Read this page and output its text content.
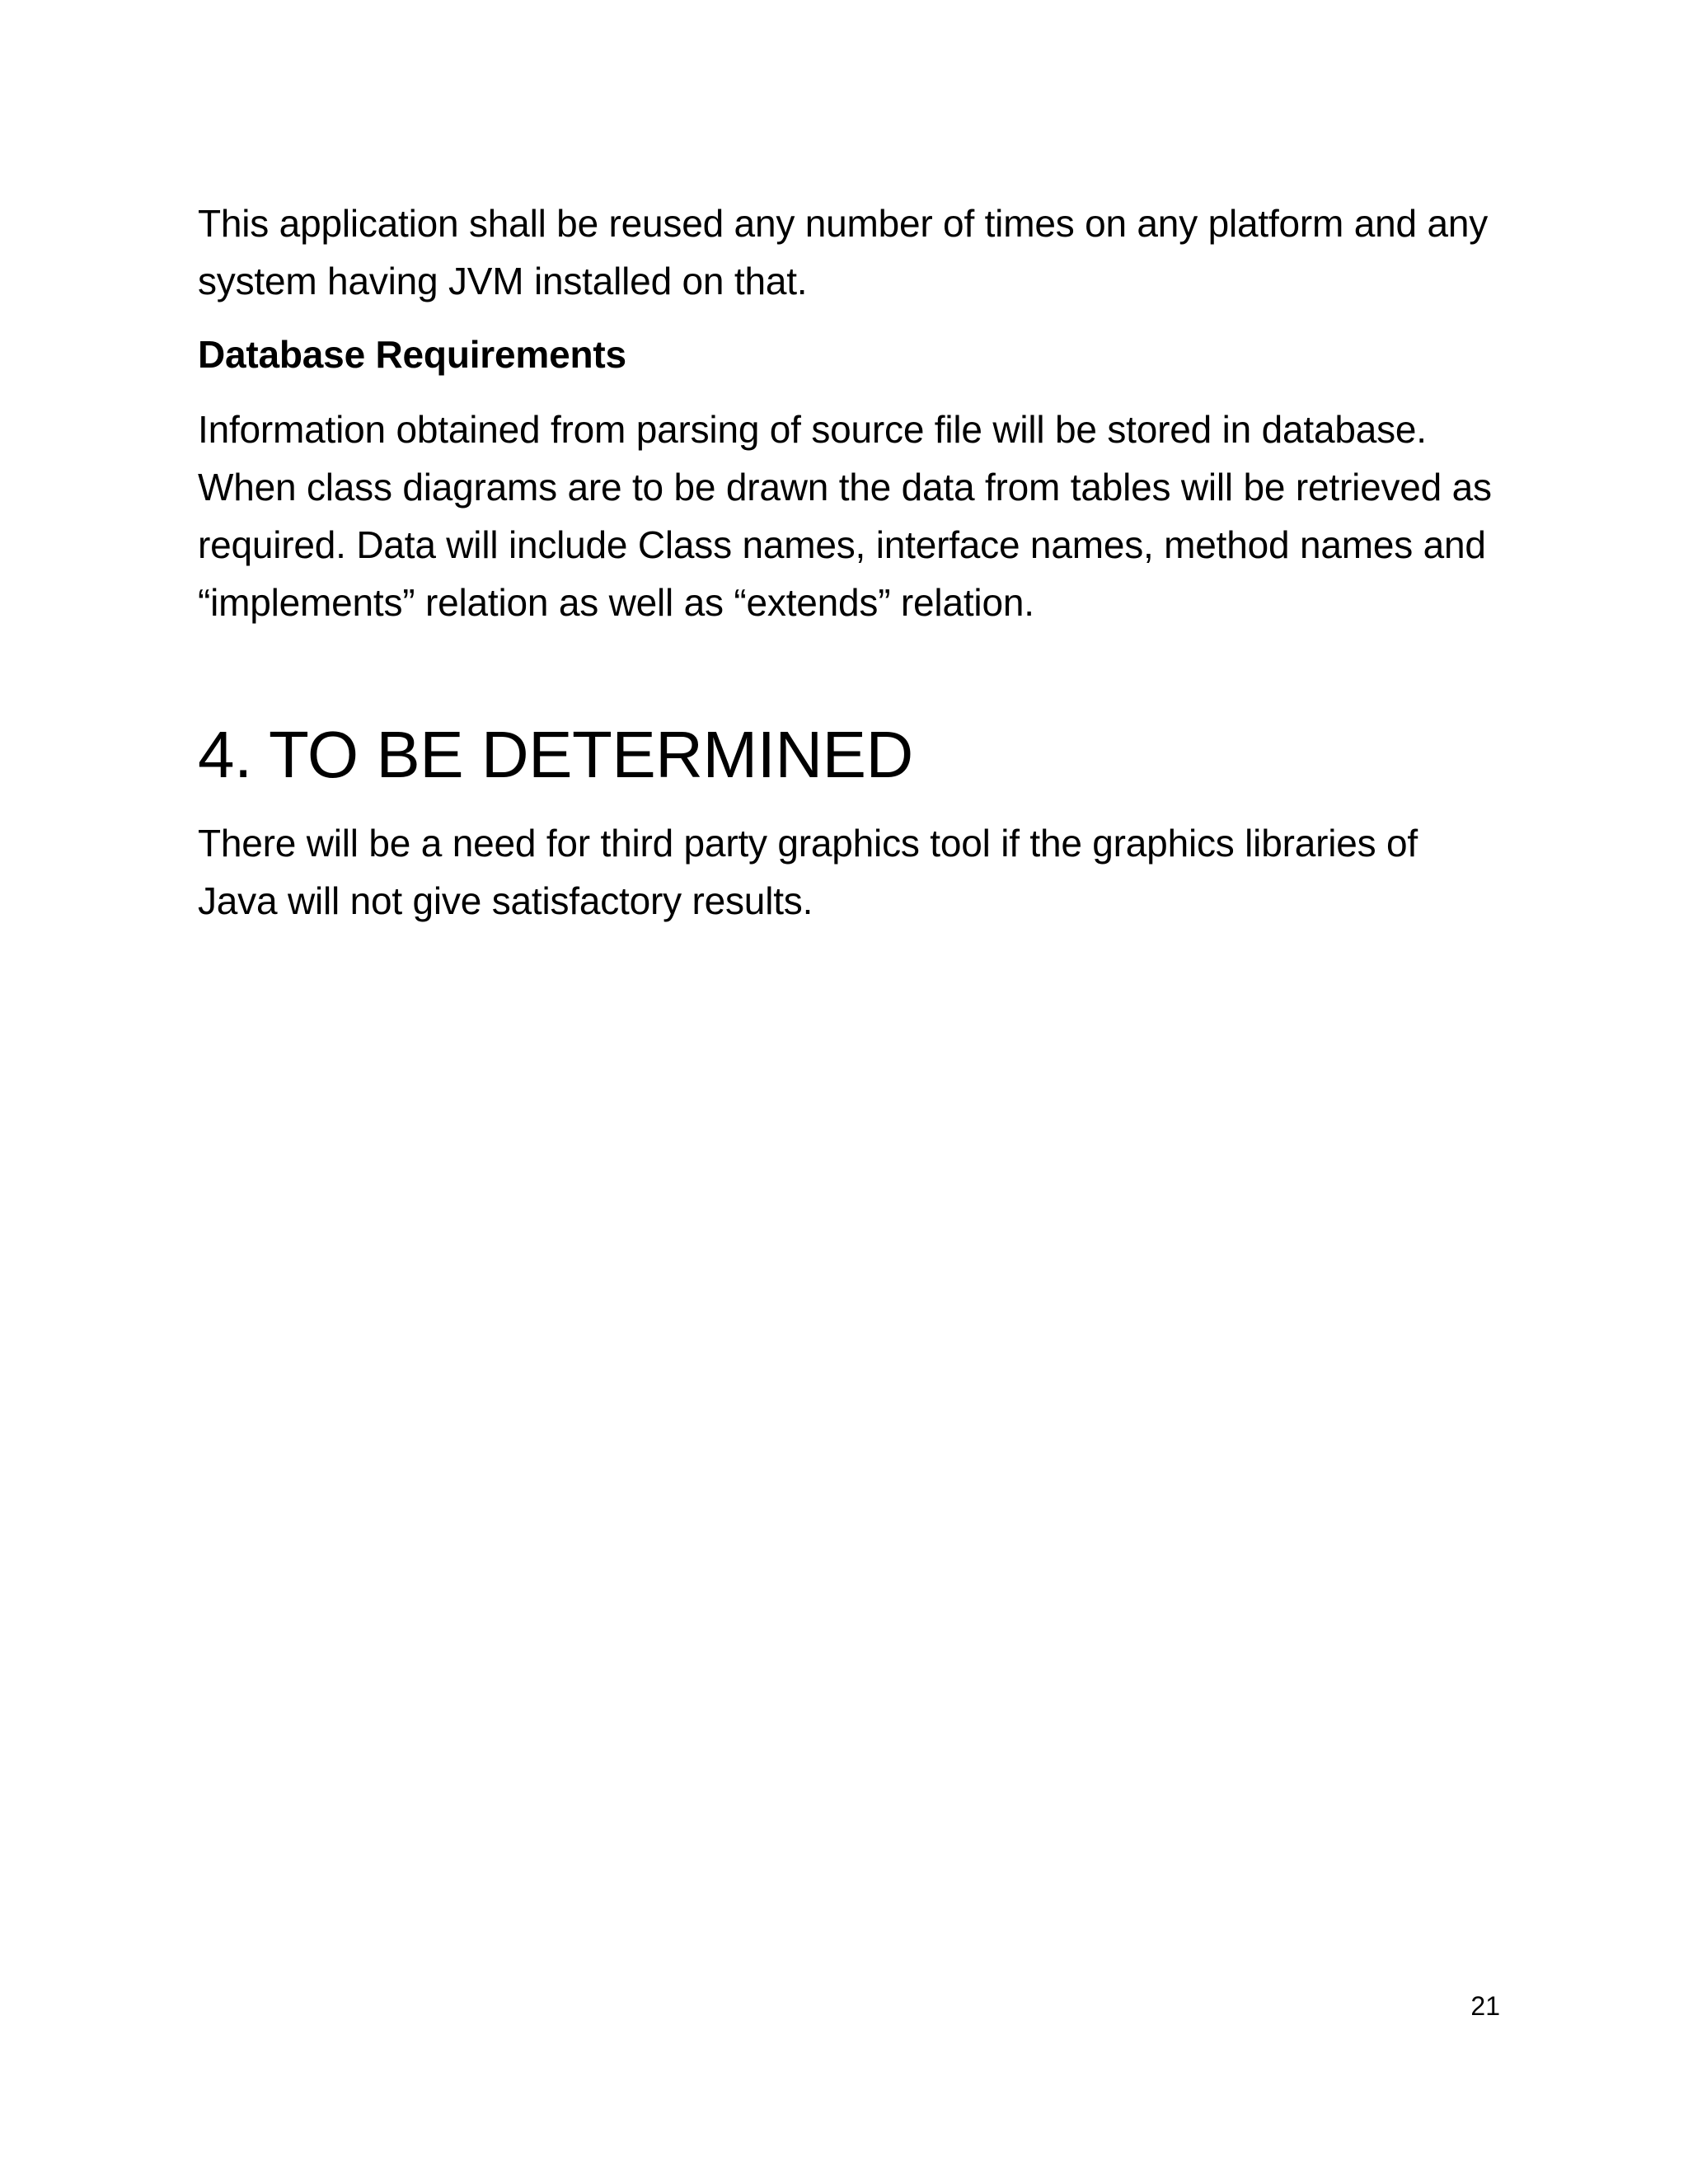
This application shall be reused any number of times on any platform and any system having JVM installed on that.

Database Requirements

Information obtained from parsing of source file will be stored in database. When class diagrams are to be drawn the data from tables will be retrieved as required. Data will include Class names, interface names, method names and “implements” relation as well as “extends” relation.

4. TO BE DETERMINED

There will be a need for third party graphics tool if the graphics libraries of Java will not give satisfactory results.

21
